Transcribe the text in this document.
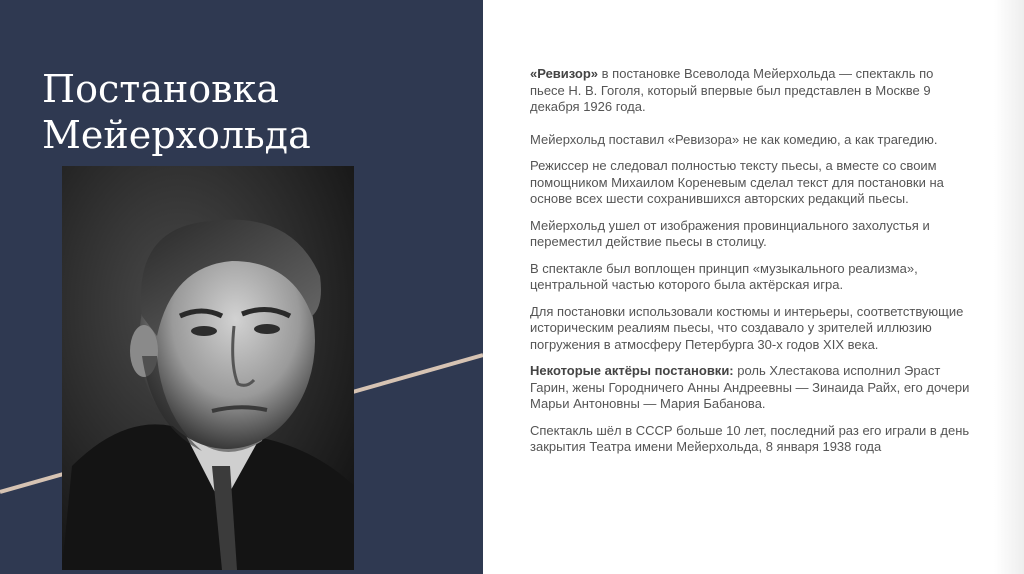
Постановка
Мейерхольда

«Ревизор» в постановке Всеволода Мейерхольда — спектакль по пьесе Н. В. Гоголя, который впервые был представлен в Москве 9 декабря 1926 года.

Мейерхольд поставил «Ревизора» не как комедию, а как трагедию.

Режиссер не следовал полностью тексту пьесы, а вместе со своим помощником Михаилом Кореневым сделал текст для постановки на основе всех шести сохранившихся авторских редакций пьесы.

Мейерхольд ушел от изображения провинциального захолустья и переместил действие пьесы в столицу.

В спектакле был воплощен принцип «музыкального реализма», центральной частью которого была актёрская игра.

Для постановки использовали костюмы и интерьеры, соответствующие историческим реалиям пьесы, что создавало у зрителей иллюзию погружения в атмосферу Петербурга 30-х годов XIX века.

Некоторые актёры постановки: роль Хлестакова исполнил Эраст Гарин, жены Городничего Анны Андреевны — Зинаида Райх, его дочери Марьи Антоновны — Мария Бабанова.

Спектакль шёл в СССР больше 10 лет, последний раз его играли в день закрытия Театра имени Мейерхольда, 8 января 1938 года
